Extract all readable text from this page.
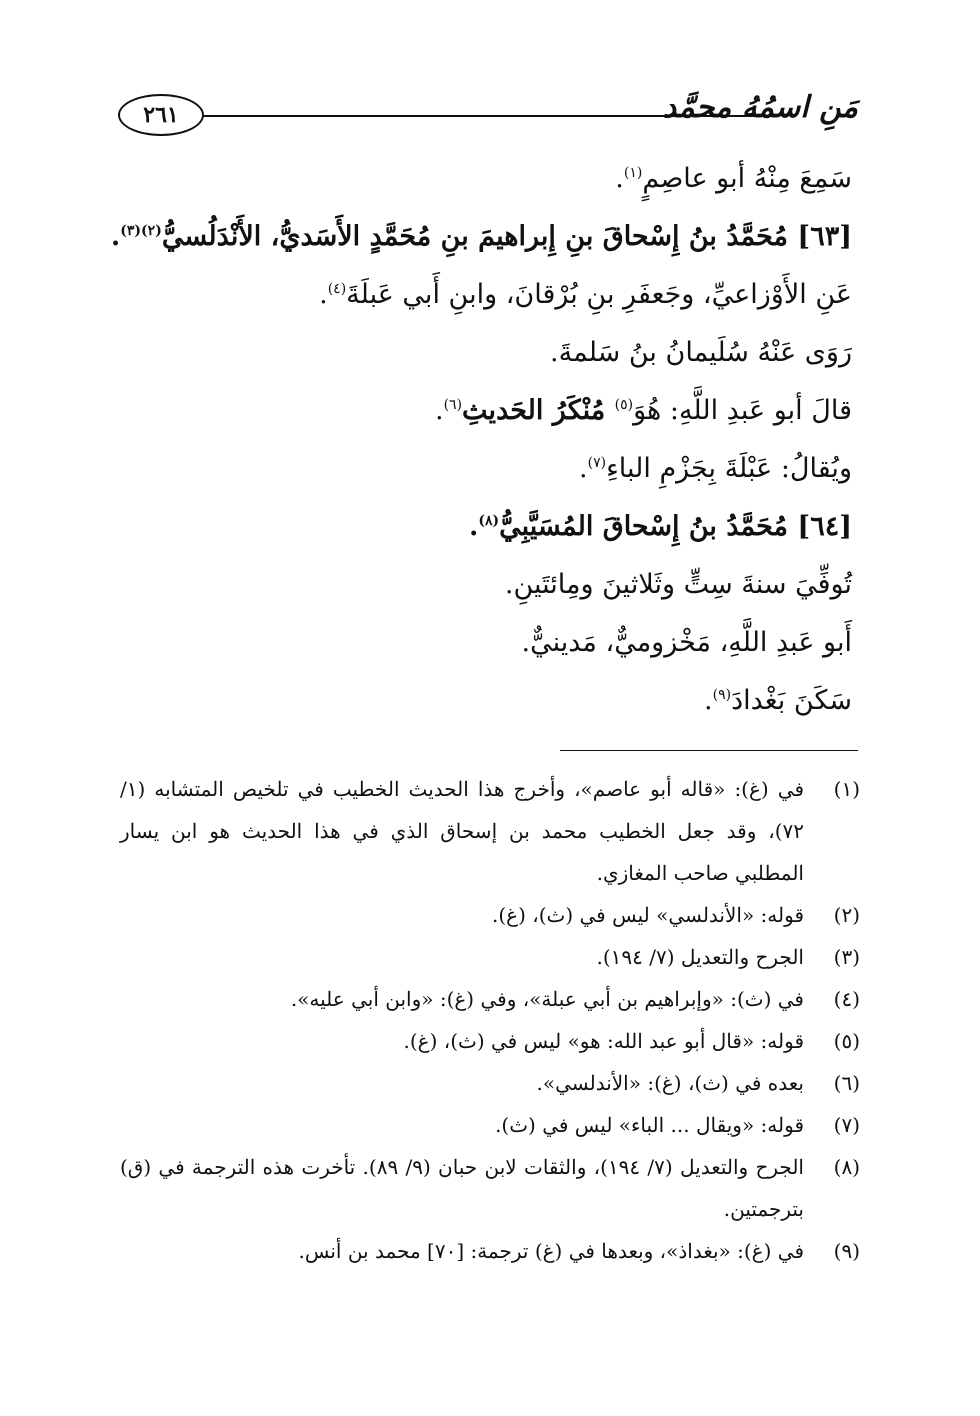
٢٦١	مَنِ اسمُهُ محمَّد
سَمِعَ مِنْهُ أبو عاصِمٍ$^{(١)}$.
[٦٣] مُحَمَّدُ بنُ إِسْحاقَ بنِ إِبراهيمَ بنِ مُحَمَّدٍ الأَسَديُّ، الأَنْدَلُسيُّ$^{(٢)(٣)}$.
عَنِ الأَوْزاعيِّ، وجَعفَرِ بنِ بُرْقانَ، وابنِ أَبي عَبلَةَ$^{(٤)}$.
رَوَى عَنْهُ سُلَيمانُ بنُ سَلمةَ.
قالَ أبو عَبدِ اللَّهِ: هُوَ$^{(٥)}$ مُنْكَرُ الحَديثِ$^{(٦)}$.
ويُقالُ: عَبْلَةَ بِجَزْمِ الباءِ$^{(٧)}$.
[٦٤] مُحَمَّدُ بنُ إِسْحاقَ المُسَيَّبِيُّ$^{(٨)}$.
تُوفِّيَ سنةَ سِتٍّ وثَلاثينَ ومِائتَينِ.
أَبو عَبدِ اللَّهِ، مَخْزوميٌّ، مَدينيٌّ.
سَكَنَ بَغْدادَ$^{(٩)}$.
(١)
في (غ): «قاله أبو عاصم»، وأخرج هذا الحديث الخطيب في تلخيص المتشابه (١/ ٧٢)، وقد جعل الخطيب محمد بن إسحاق الذي في هذا الحديث هو ابن يسار المطلبي صاحب المغازي.
(٢)
قوله: «الأندلسي» ليس في (ث)، (غ).
(٣)
الجرح والتعديل (٧/ ١٩٤).
(٤)
في (ث): «وإبراهيم بن أبي عبلة»، وفي (غ): «وابن أبي عليه».
(٥)
قوله: «قال أبو عبد الله: هو» ليس في (ث)، (غ).
(٦)
بعده في (ث)، (غ): «الأندلسي».
(٧)
قوله: «ويقال ... الباء» ليس في (ث).
(٨)
الجرح والتعديل (٧/ ١٩٤)، والثقات لابن حبان (٩/ ٨٩). تأخرت هذه الترجمة في (ق) بترجمتين.
(٩)
في (غ): «بغداذ»، وبعدها في (غ) ترجمة: [٧٠] محمد بن أنس.
